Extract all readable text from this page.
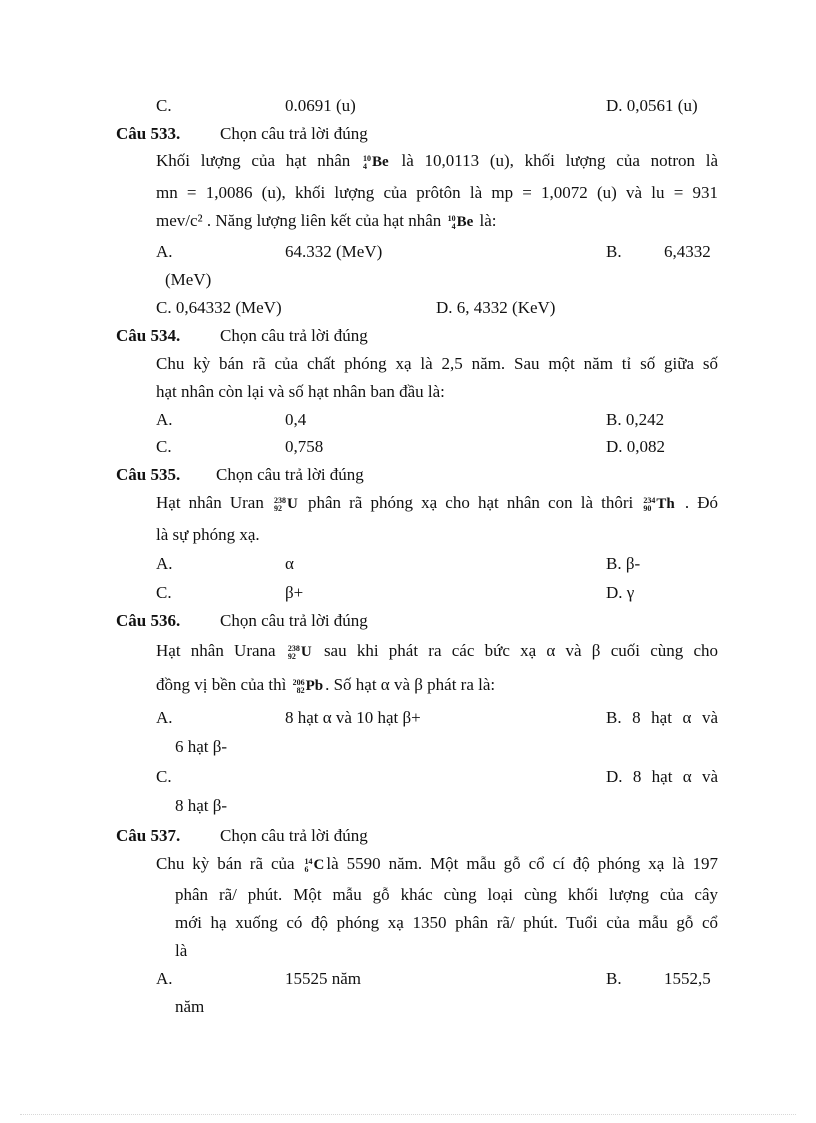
C.	0.0691 (u)	D. 0,0561 (u)
Câu 533. Chọn câu trả lời đúng
Khối lượng của hạt nhân 10
4 Be là 10,0113 (u), khối lượng của notron là
mn = 1,0086 (u), khối lượng của prôtôn là mp = 1,0072 (u) và lu = 931
mev/c² . Năng lượng liên kết của hạt nhân 10
4 Be là:
A.	64.332 (MeV)	B. 6,4332
(MeV)
C. 0,64332 (MeV)	D. 6, 4332 (KeV)
Câu 534. Chọn câu trả lời đúng
Chu kỳ bán rã của chất phóng xạ là 2,5 năm. Sau một năm tỉ số giữa số
hạt nhân còn lại và số hạt nhân ban đầu là:
A.	0,4	B. 0,242
C.	0,758	D. 0,082
Câu 535. Chọn câu trả lời đúng
Hạt nhân Uran 238
92 U phân rã phóng xạ cho hạt nhân con là thôri 234
90 Th . Đó
là sự phóng xạ.
A.	α	B. β-
C.	β+	D. γ
Câu 536. Chọn câu trả lời đúng
Hạt nhân Urana 238
92 U sau khi phát ra các bức xạ α và β cuối cùng cho
đồng vị bền của thì 206
82 Pb . Số hạt α và β phát ra là:
A.	8 hạt α và 10 hạt β+	B. 8 hạt α và
6 hạt β-
C.	D. 8 hạt α và
8 hạt β-
Câu 537. Chọn câu trả lời đúng
Chu kỳ bán rã của 14
6 C là 5590 năm. Một mẫu gỗ cổ cí độ phóng xạ là 197
phân rã/ phút. Một mẫu gỗ khác cùng loại cùng khối lượng của cây
mới hạ xuống có độ phóng xạ 1350 phân rã/ phút. Tuổi của mẫu gỗ cổ
là
A.	15525 năm	B. 1552,5
năm
